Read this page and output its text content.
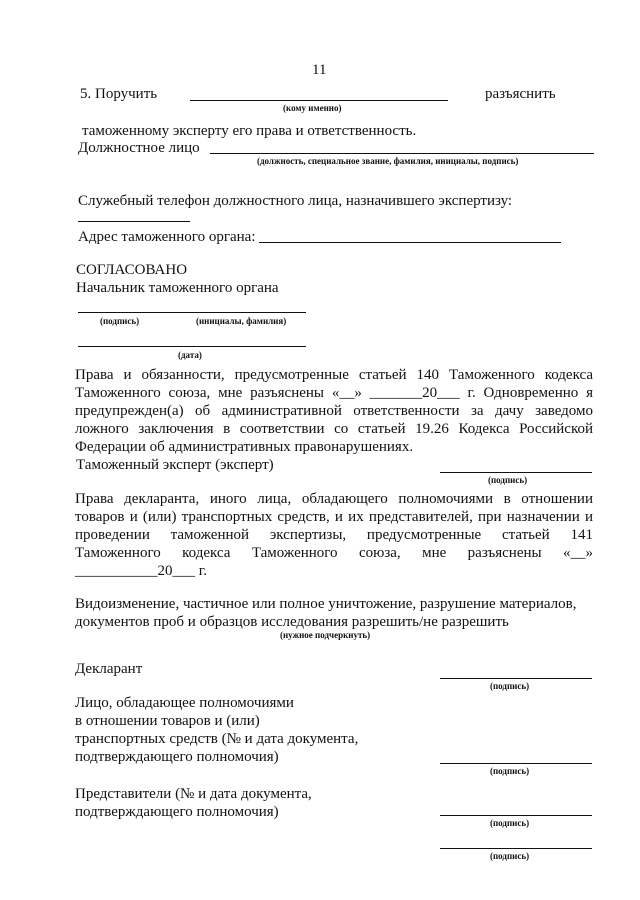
11
5. Поручить	разъяснить
(кому именно)
таможенному эксперту его права и ответственность.
Должностное лицо
(должность, специальное звание, фамилия, инициалы, подпись)
Служебный телефон должностного лица, назначившего экспертизу:
Адрес таможенного органа:
СОГЛАСОВАНО
Начальник таможенного органа
(подпись)	(инициалы, фамилия)
(дата)
Права и обязанности, предусмотренные статьей 140 Таможенного кодекса
Таможенного союза, мне разъяснены «__» _______20___ г. Одновременно я
предупрежден(а) об административной ответственности за дачу заведомо
ложного заключения в соответствии со статьей 19.26 Кодекса Российской
Федерации об административных правонарушениях.
Таможенный эксперт (эксперт)
(подпись)
Права декларанта, иного лица, обладающего полномочиями в отношении
товаров и (или) транспортных средств, и их представителей, при назначении и
проведении таможенной экспертизы, предусмотренные статьей 141
Таможенного кодекса Таможенного союза, мне разъяснены «__»
___________20___ г.
Видоизменение, частичное или полное уничтожение, разрушение материалов,
документов проб и образцов исследования разрешить/не разрешить
(нужное подчеркнуть)
Декларант
(подпись)
Лицо, обладающее полномочиями
в отношении товаров и (или)
транспортных средств (№ и дата документа,
подтверждающего полномочия)
(подпись)
Представители (№ и дата документа,
подтверждающего полномочия)
(подпись)
(подпись)
